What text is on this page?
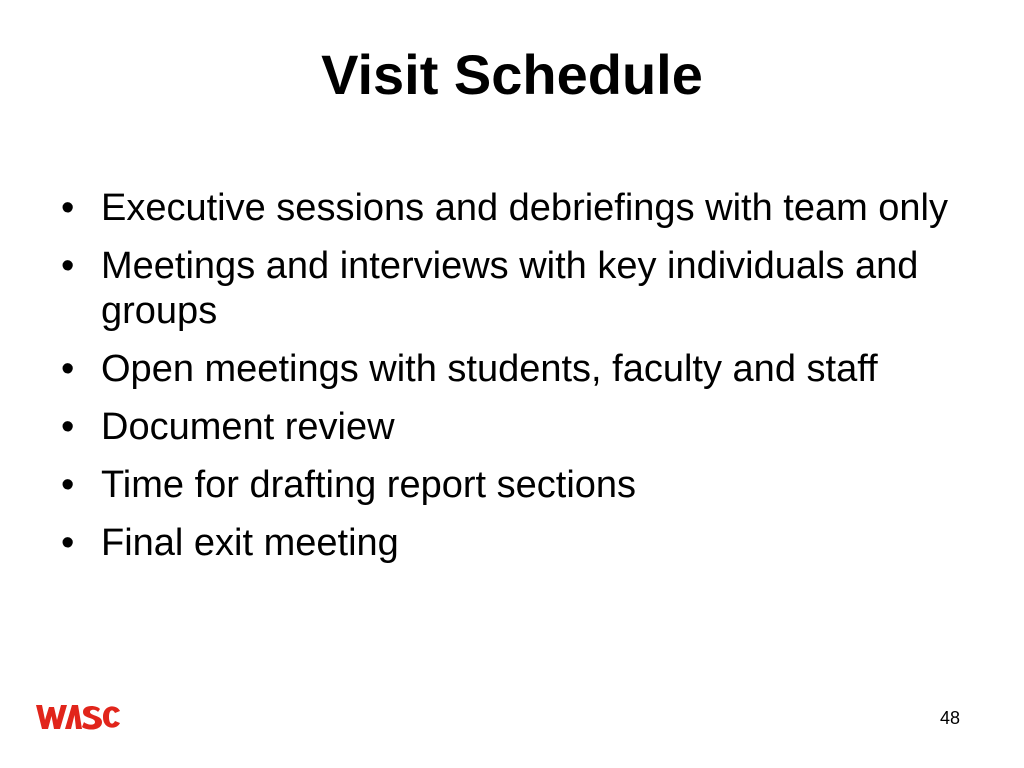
Visit Schedule
• Executive sessions and debriefings with team only
• Meetings and interviews with key individuals and groups
• Open meetings with students, faculty and staff
• Document review
• Time for drafting report sections
• Final exit meeting
48
